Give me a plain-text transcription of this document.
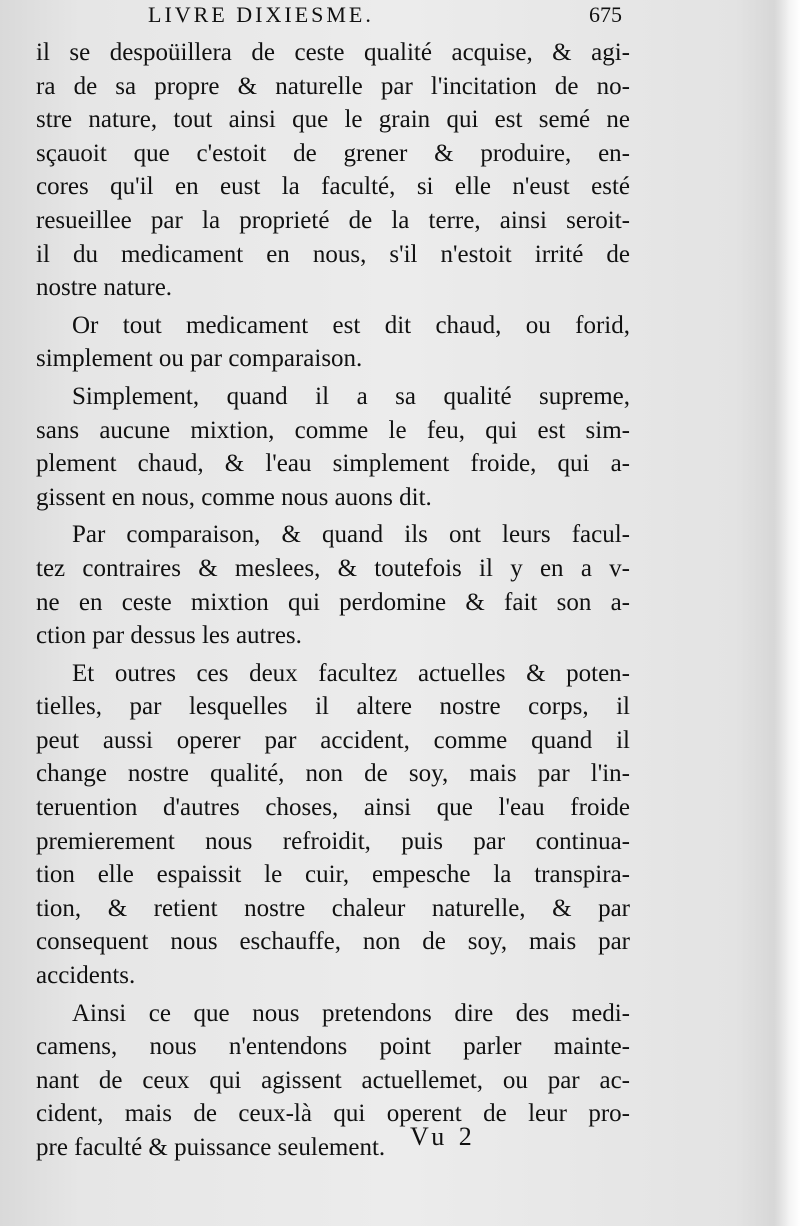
LIVRE DIXIESME.	675

il se despoüillera de ceste qualité acquise, & agi-
ra de sa propre & naturelle par l'incitation de no-
stre nature, tout ainsi que le grain qui est semé ne
sçauoit que c'estoit de grener & produire, en-
cores qu'il en eust la faculté, si elle n'eust esté
resueillee par la proprieté de la terre, ainsi seroit-
il du medicament en nous, s'il n'estoit irrité de
nostre nature.

Or tout medicament est dit chaud, ou forid,
simplement ou par comparaison.

Simplement, quand il a sa qualité supreme,
sans aucune mixtion, comme le feu, qui est sim-
plement chaud, & l'eau simplement froide, qui a-
gissent en nous, comme nous auons dit.

Par comparaison, & quand ils ont leurs facul-
tez contraires & meslees, & toutefois il y en a v-
ne en ceste mixtion qui perdomine & fait son a-
ction par dessus les autres.

Et outres ces deux facultez actuelles & poten-
tielles, par lesquelles il altere nostre corps, il
peut aussi operer par accident, comme quand il
change nostre qualité, non de soy, mais par l'in-
teruention d'autres choses, ainsi que l'eau froide
premierement nous refroidit, puis par continua-
tion elle espaissit le cuir, empesche la transpira-
tion, & retient nostre chaleur naturelle, & par
consequent nous eschauffe, non de soy, mais par
accidents.

Ainsi ce que nous pretendons dire des medi-
camens, nous n'entendons point parler mainte-
nant de ceux qui agissent actuellemet, ou par ac-
cident, mais de ceux-là qui operent de leur pro-
pre faculté & puissance seulement. Vu 2
